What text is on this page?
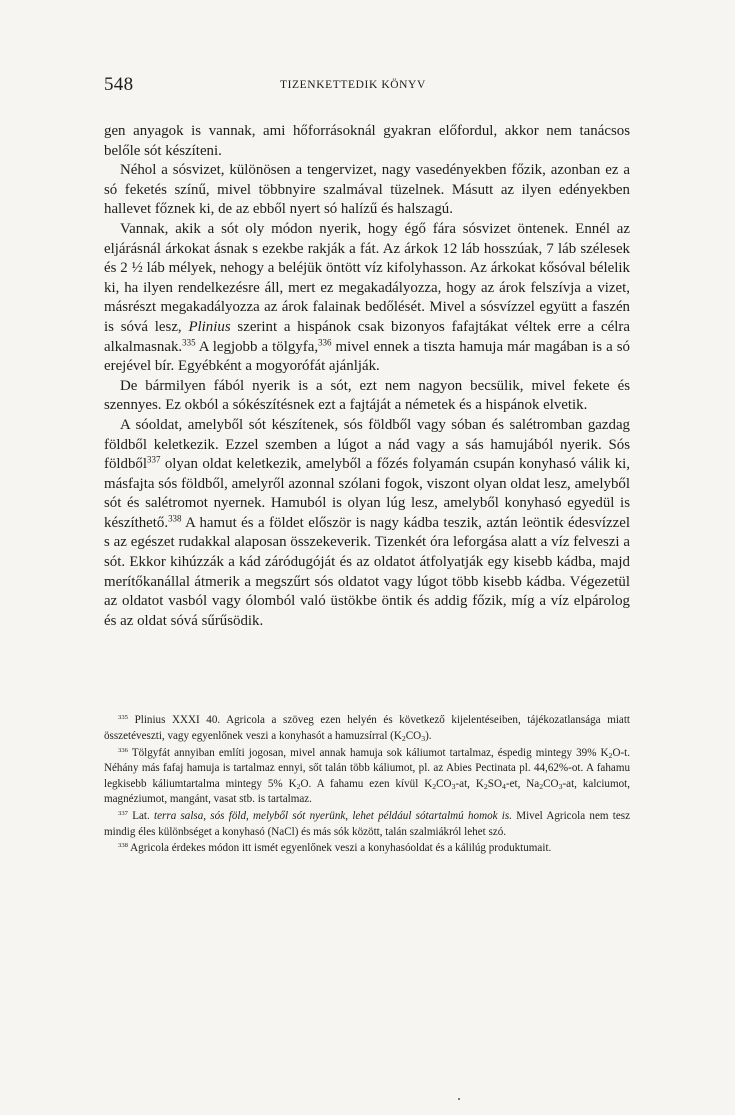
548	TIZENKETTEDIK KÖNYV

gen anyagok is vannak, ami hőforrásoknál gyakran előfordul, akkor nem tanácsos belőle sót készíteni.

Néhol a sósvizet, különösen a tengervizet, nagy vasedényekben főzik, azonban ez a só feketés színű, mivel többnyire szalmával tüzelnek. Másutt az ilyen edényekben hallevet főznek ki, de az ebből nyert só halízű és halszagú.

Vannak, akik a sót oly módon nyerik, hogy égő fára sósvizet öntenek. Ennél az eljárásnál árkokat ásnak s ezekbe rakják a fát. Az árkok 12 láb hosszúak, 7 láb szélesek és 2 ½ láb mélyek, nehogy a beléjük öntött víz kifolyhasson. Az árkokat kősóval bélelik ki, ha ilyen rendelkezésre áll, mert ez megakadályozza, hogy az árok felszívja a vizet, másrészt megakadályozza az árok falainak bedőlését. Mivel a sósvízzel együtt a faszén is sóvá lesz, Plinius szerint a hispánok csak bizonyos fafajtákat véltek erre a célra alkalmasnak.$^{335}$ A legjobb a tölgyfa,$^{336}$ mivel ennek a tiszta hamuja már magában is a só erejével bír. Egyébként a mogyorófát ajánlják.

De bármilyen fából nyerik is a sót, ezt nem nagyon becsülik, mivel fekete és szennyes. Ez okból a sókészítésnek ezt a fajtáját a németek és a hispánok elvetik.

A sóoldat, amelyből sót készítenek, sós földből vagy sóban és salétromban gazdag földből keletkezik. Ezzel szemben a lúgot a nád vagy a sás hamujából nyerik. Sós földből$^{337}$ olyan oldat keletkezik, amelyből a főzés folyamán csupán konyhasó válik ki, másfajta sós földből, amelyről azonnal szólani fogok, viszont olyan oldat lesz, amelyből sót és salétromot nyernek. Hamuból is olyan lúg lesz, amelyből konyhasó egyedül is készíthető.$^{338}$ A hamut és a földet először is nagy kádba teszik, aztán leöntik édesvízzel s az egészet rudakkal alaposan összekeverik. Tizenkét óra leforgása alatt a víz felveszi a sót. Ekkor kihúzzák a kád záródugóját és az oldatot átfolyatják egy kisebb kádba, majd merítőkanállal átmerik a megszűrt sós oldatot vagy lúgot több kisebb kádba. Végezetül az oldatot vasból vagy ólomból való üstökbe öntik és addig főzik, míg a víz elpárolog és az oldat sóvá sűrűsödik.

$^{335}$ Plinius XXXI 40. Agricola a szöveg ezen helyén és következő kijelentéseiben, tájékozatlansága miatt összetéveszti, vagy egyenlőnek veszi a konyhasót a hamuzsírral $(K_2CO_3)$.

$^{336}$ Tölgyfát annyiban említi jogosan, mivel annak hamuja sok káliumot tartalmaz, éspedig mintegy 39% $K_2O-t$. Néhány más fafaj hamuja is tartalmaz ennyi, sőt talán több káliumot, pl. az Abies Pectinata pl. 44,62%-ot. A fahamu legkisebb káliumtartalma mintegy 5% $K_2O$. A fahamu ezen kívül $K_2CO_3-at$, $K_2SO_4-et$, $Na_2CO_3-at$, kalciumot, magnéziumot, mangánt, vasat stb. is tartalmaz.

$^{337}$ Lat. terra salsa, sós föld, melyből sót nyerünk, lehet például sótartalmú homok is. Mivel Agricola nem tesz mindig éles különbséget a konyhasó (NaCl) és más sók között, talán szalmiákról lehet szó.

$^{338}$ Agricola érdekes módon itt ismét egyenlőnek veszi a konyhasóoldat és a kálilúg produktumait.
